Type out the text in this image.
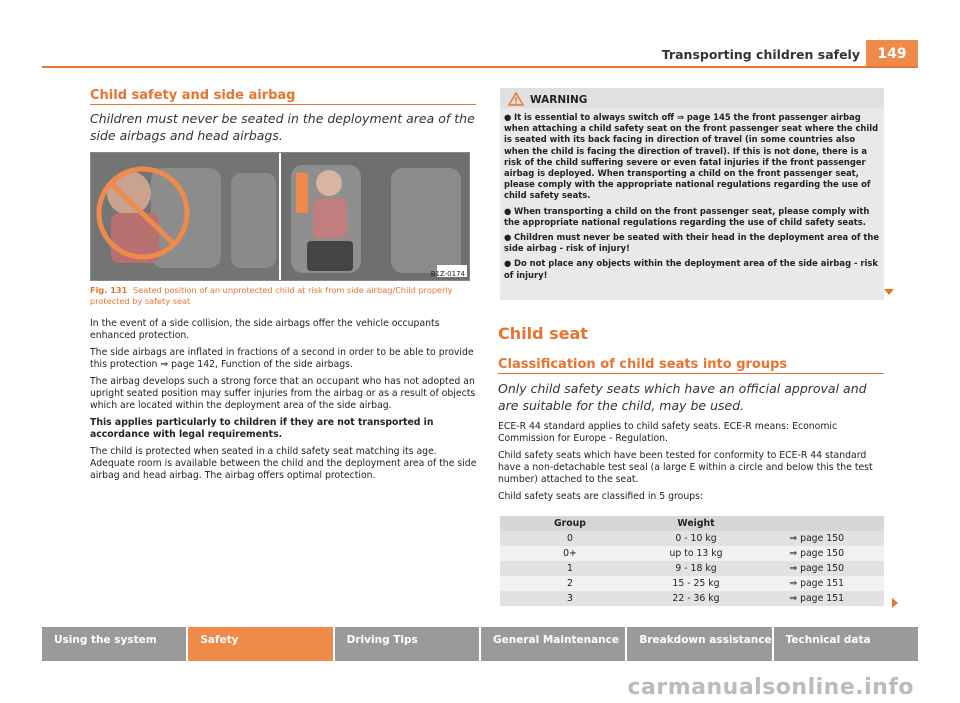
Transporting children safely	149
Child safety and side airbag
Children must never be seated in the deployment area of the side airbags and head airbags.
B1Z-0174
Fig. 131 Seated position of an unprotected child at risk from side airbag/Child properly protected by safety seat

In the event of a side collision, the side airbags offer the vehicle occupants enhanced protection.

The side airbags are inflated in fractions of a second in order to be able to provide this protection ⇒ page 142, Function of the side airbags.

The airbag develops such a strong force that an occupant who has not adopted an upright seated position may suffer injuries from the airbag or as a result of objects which are located within the deployment area of the side airbag.

This applies particularly to children if they are not transported in accordance with legal requirements.

The child is protected when seated in a child safety seat matching its age. Adequate room is available between the child and the deployment area of the side airbag and head airbag. The airbag offers optimal protection.

WARNING

● It is essential to always switch off ⇒ page 145 the front passenger airbag when attaching a child safety seat on the front passenger seat where the child is seated with its back facing in direction of travel (in some countries also when the child is facing the direction of travel). If this is not done, there is a risk of the child suffering severe or even fatal injuries if the front passenger airbag is deployed. When transporting a child on the front passenger seat, please comply with the appropriate national regulations regarding the use of child safety seats.

● When transporting a child on the front passenger seat, please comply with the appropriate national regulations regarding the use of child safety seats.

● Children must never be seated with their head in the deployment area of the side airbag - risk of injury!

● Do not place any objects within the deployment area of the side airbag - risk of injury!

Child seat
Classification of child seats into groups
Only child safety seats which have an official approval and are suitable for the child, may be used.

ECE-R 44 standard applies to child safety seats. ECE-R means: Economic Commission for Europe - Regulation.

Child safety seats which have been tested for conformity to ECE-R 44 standard have a non-detachable test seal (a large E within a circle and below this the test number) attached to the seat.

Child safety seats are classified in 5 groups:

Group	Weight	
0	0 - 10 kg	⇒ page 150
0+	up to 13 kg	⇒ page 150
1	9 - 18 kg	⇒ page 150
2	15 - 25 kg	⇒ page 151
3	22 - 36 kg	⇒ page 151
Using the system	Safety	Driving Tips	General Maintenance	Breakdown assistance	Technical data
carmanualsonline.info
